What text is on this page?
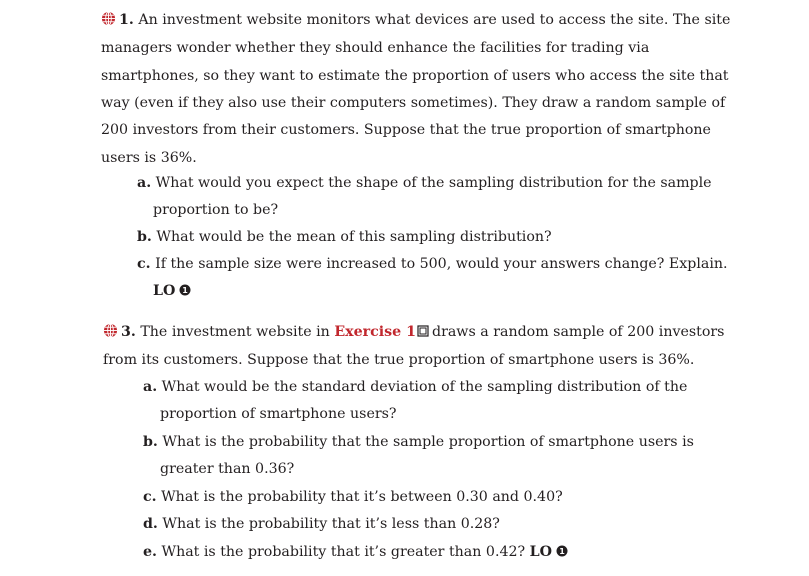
1. An investment website monitors what devices are used to access the site. The site
managers wonder whether they should enhance the facilities for trading via
smartphones, so they want to estimate the proportion of users who access the site that
way (even if they also use their computers sometimes). They draw a random sample of
200 investors from their customers. Suppose that the true proportion of smartphone
users is 36%.
a. What would you expect the shape of the sampling distribution for the sample
proportion to be?
b. What would be the mean of this sampling distribution?
c. If the sample size were increased to 500, would your answers change? Explain.
LO 1
3. The investment website in Exercise 1 draws a random sample of 200 investors
from its customers. Suppose that the true proportion of smartphone users is 36%.
a. What would be the standard deviation of the sampling distribution of the
proportion of smartphone users?
b. What is the probability that the sample proportion of smartphone users is
greater than 0.36?
c. What is the probability that it’s between 0.30 and 0.40?
d. What is the probability that it’s less than 0.28?
e. What is the probability that it’s greater than 0.42? LO 1
